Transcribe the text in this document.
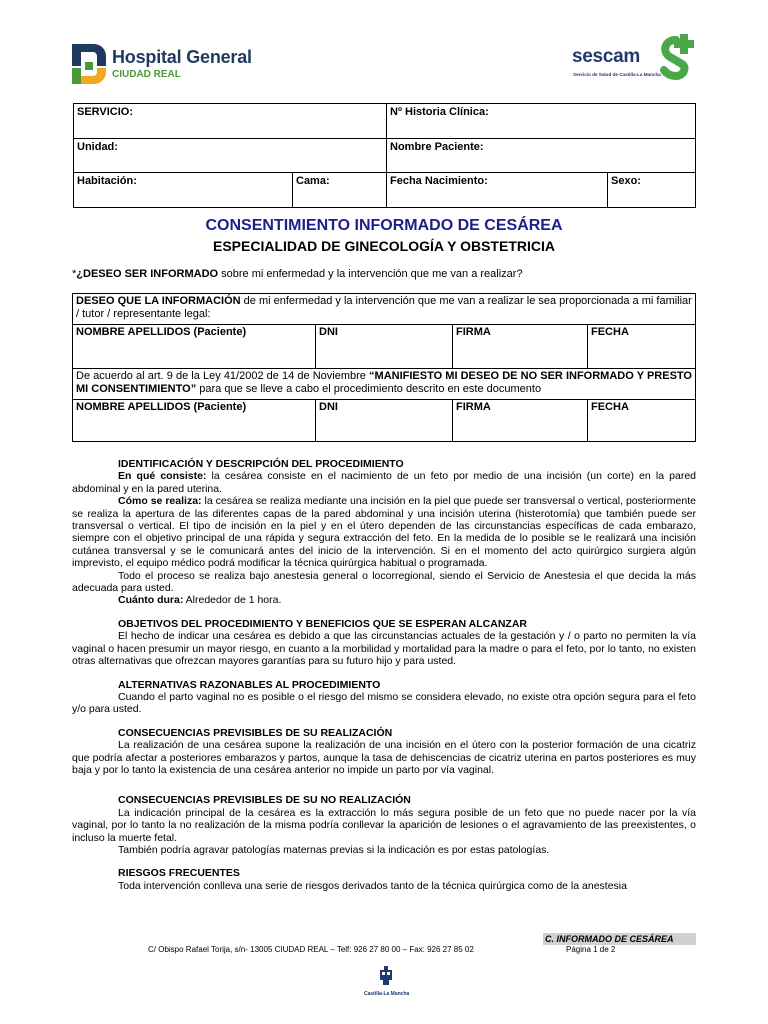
Hospital General
CIUDAD REAL
sescam
Servicio de Salud de Castilla-La Mancha
SERVICIO:		Nº Historia Clínica:	
Unidad:		Nombre Paciente:	
Habitación:	Cama:	Fecha Nacimiento:	Sexo:
CONSENTIMIENTO INFORMADO DE CESÁREA
ESPECIALIDAD DE GINECOLOGÍA Y OBSTETRICIA
*¿DESEO SER INFORMADO sobre mi enfermedad y la intervención que me van a realizar?
DESEO QUE LA INFORMACIÓN de mi enfermedad y la intervención que me van a realizar le sea proporcionada a mi familiar / tutor / representante legal:			
NOMBRE APELLIDOS (Paciente)	DNI	FIRMA	FECHA
De acuerdo al art. 9 de la Ley 41/2002 de 14 de Noviembre “MANIFIESTO MI DESEO DE NO SER INFORMADO Y PRESTO MI CONSENTIMIENTO” para que se lleve a cabo el procedimiento descrito en este documento			
NOMBRE APELLIDOS (Paciente)	DNI	FIRMA	FECHA

IDENTIFICACIÓN Y DESCRIPCIÓN DEL PROCEDIMIENTO

En qué consiste: la cesárea consiste en el nacimiento de un feto por medio de una incisión (un corte) en la pared abdominal y en la pared uterina.

Cómo se realiza: la cesárea se realiza mediante una incisión en la piel que puede ser transversal o vertical, posteriormente se realiza la apertura de las diferentes capas de la pared abdominal y una incisión uterina (histerotomía) que también puede ser transversal o vertical. El tipo de incisión en la piel y en el útero dependen de las circunstancias específicas de cada embarazo, siempre con el objetivo principal de una rápida y segura extracción del feto. En la medida de lo posible se le realizará una incisión cutánea transversal y se le comunicará antes del inicio de la intervención. Si en el momento del acto quirúrgico surgiera algún imprevisto, el equipo médico podrá modificar la técnica quirúrgica habitual o programada.

Todo el proceso se realiza bajo anestesia general o locorregional, siendo el Servicio de Anestesia el que decida la más adecuada para usted.

Cuánto dura: Alrededor de 1 hora.

OBJETIVOS DEL PROCEDIMIENTO Y BENEFICIOS QUE SE ESPERAN ALCANZAR

El hecho de indicar una cesárea es debido a que las circunstancias actuales de la gestación y / o parto no permiten la vía vaginal o hacen presumir un mayor riesgo, en cuanto a la morbilidad y mortalidad para la madre o para el feto, por lo tanto, no existen otras alternativas que ofrezcan mayores garantías para su futuro hijo y para usted.

ALTERNATIVAS RAZONABLES AL PROCEDIMIENTO

Cuando el parto vaginal no es posible o el riesgo del mismo se considera elevado, no existe otra opción segura para el feto y/o para usted.

CONSECUENCIAS PREVISIBLES DE SU REALIZACIÓN

La realización de una cesárea supone la realización de una incisión en el útero con la posterior formación de una cicatriz que podría afectar a posteriores embarazos y partos, aunque la tasa de dehiscencias de cicatriz uterina en partos posteriores es muy baja y por lo tanto la existencia de una cesárea anterior no impide un parto por vía vaginal.

CONSECUENCIAS PREVISIBLES DE SU NO REALIZACIÓN

La indicación principal de la cesárea es la extracción lo más segura posible de un feto que no puede nacer por la vía vaginal, por lo tanto la no realización de la misma podría conllevar la aparición de lesiones o el agravamiento de las preexistentes, o incluso la muerte fetal.

También podría agravar patologías maternas previas si la indicación es por estas patologías.

RIESGOS FRECUENTES

Toda intervención conlleva una serie de riesgos derivados tanto de la técnica quirúrgica como de la anestesia

C. INFORMADO DE CESÁREA
C/ Obispo Rafael Torija, s/n- 13005 CIUDAD REAL – Telf: 926 27 80 00 – Fax: 926 27 85 02	Página 1 de 2
Castilla-La Mancha
